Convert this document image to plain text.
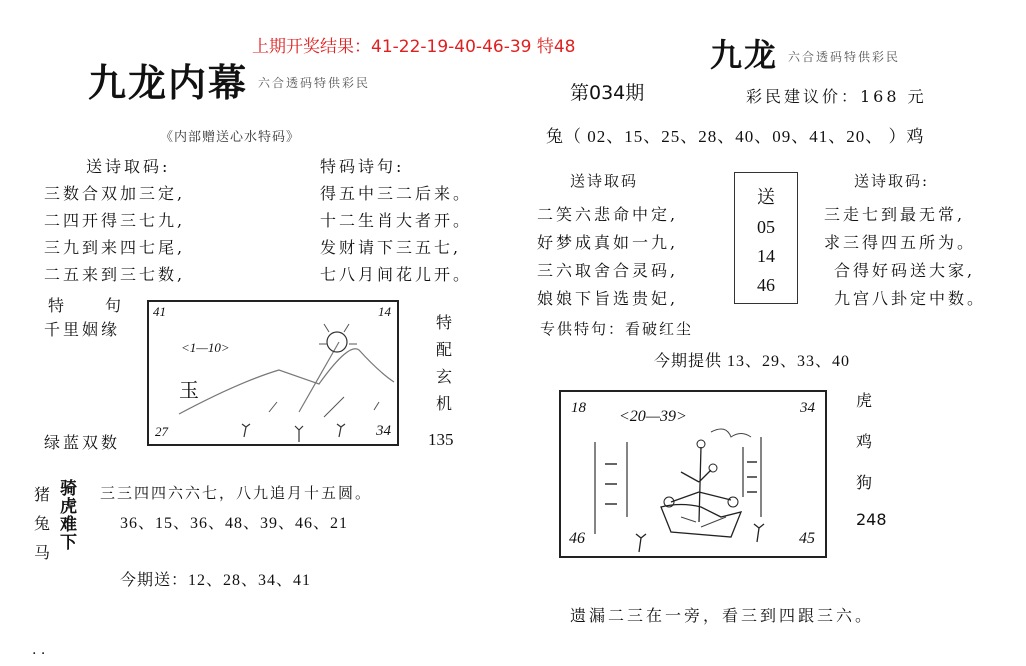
上期开奖结果：41-22-19-40-46-39 特48
九龙内幕 六合透码特供彩民
《内部赠送心水特码》
送诗取码:
三数合双加三定,
二四开得三七九,
三九到来四七尾,
二五来到三七数,
特码诗句:
得五中三二后来。
十二生肖大者开。
发财请下三五七,
七八月间花儿开。
特　　句
千里姻缘
绿蓝双数
41	14
27	34
<1—10>
玉
特
配
玄
机
135
猪
兔
马
骑
虎
难
下
三三四四六六七，八九追月十五圆。
36、15、36、48、39、46、21
今期送：12、28、34、41
. .
九龙 六合透码特供彩民
第034期	彩民建议价：168 元
兔（ 02、15、25、28、40、09、41、20、 ）鸡
送诗取码
二笑六悲命中定,
好梦成真如一九,
三六取舍合灵码,
娘娘下旨选贵妃,
送
05
14
46
送诗取码:
三走七到最无常,
求三得四五所为。
合得好码送大家,
九宫八卦定中数。
专供特句：看破红尘
今期提供 13、29、33、40
18	34
46	45
<20—39>
虎
鸡
狗
248
遗漏二三在一旁，看三到四跟三六。
